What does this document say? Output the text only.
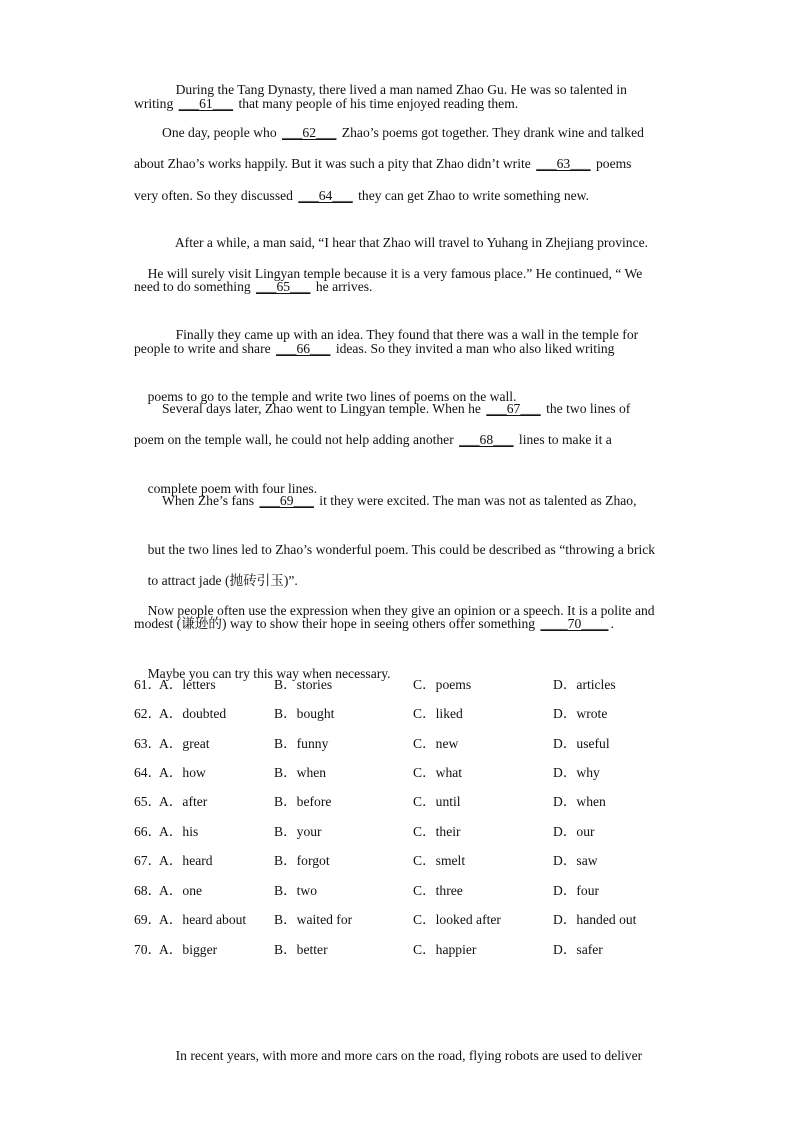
During the Tang Dynasty, there lived a man named Zhao Gu. He was so talented in

writing ___61___ that many people of his time enjoyed reading them.
One day, people who ___62___ Zhao’s poems got together. They drank wine and talked
about Zhao’s works happily. But it was such a pity that Zhao didn’t write ___63___ poems
very often. So they discussed ___64___ they can get Zhao to write something new.

After a while, a man said, “I hear that Zhao will travel to Yuhang in Zhejiang province.

He will surely visit Lingyan temple because it is a very famous place.” He continued, “ We

need to do something ___65___ he arrives.

Finally they came up with an idea. They found that there was a wall in the temple for

people to write and share ___66___ ideas. So they invited a man who also liked writing

poems to go to the temple and write two lines of poems on the wall.

Several days later, Zhao went to Lingyan temple. When he ___67___ the two lines of
poem on the temple wall, he could not help adding another ___68___ lines to make it a

complete poem with four lines.

When Zhe’s fans ___69___ it they were excited. The man was not as talented as Zhao,

but the two lines led to Zhao’s wonderful poem. This could be described as “throwing a brick

to attract jade (抛砖引玉)”.

Now people often use the expression when they give an opinion or a speech. It is a polite and

modest (谦逊的) way to show their hope in seeing others offer something ____70____ .

Maybe you can try this way when necessary.

61．
A．letters	B．stories	C．poems	D．articles
62．
A．doubted	B．bought	C．liked	D．wrote
63．
A．great	B．funny	C．new	D．useful
64．
A．how	B．when	C．what	D．why
65．
A．after	B．before	C．until	D．when
66．
A．his	B．your	C．their	D．our
67．
A．heard	B．forgot	C．smelt	D．saw
68．
A．one	B．two	C．three	D．four
69．
A．heard about B．waited for	C．looked after	D．handed out
70．
A．bigger	B．better	C．happier	D．safer

In recent years, with more and more cars on the road, flying robots are used to deliver
